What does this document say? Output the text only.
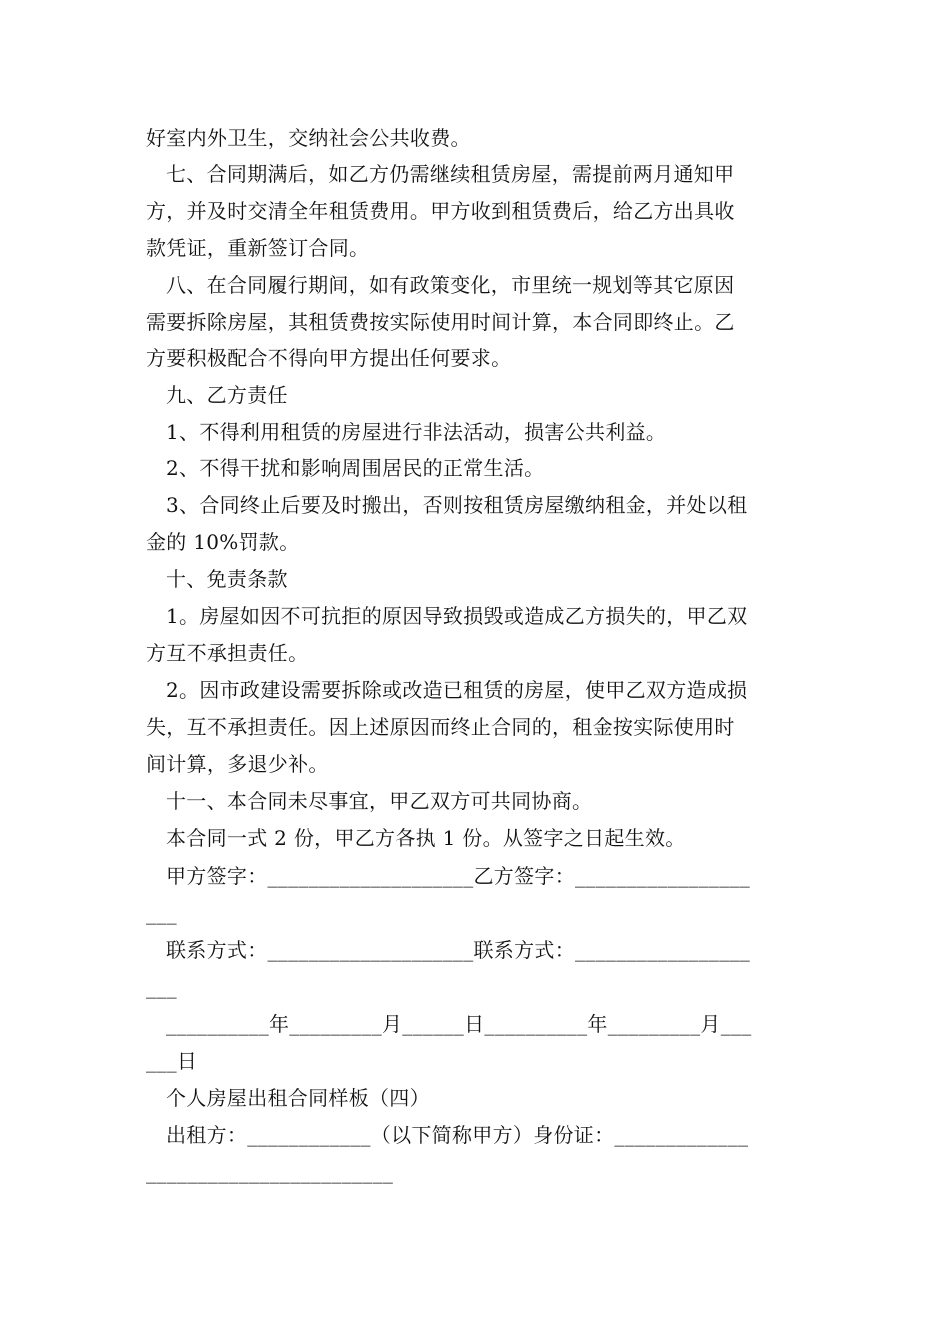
好室内外卫生，交纳社会公共收费。
七、合同期满后，如乙方仍需继续租赁房屋，需提前两月通知甲
方，并及时交清全年租赁费用。甲方收到租赁费后，给乙方出具收
款凭证，重新签订合同。
八、在合同履行期间，如有政策变化，市里统一规划等其它原因
需要拆除房屋，其租赁费按实际使用时间计算，本合同即终止。乙
方要积极配合不得向甲方提出任何要求。
九、乙方责任
1、不得利用租赁的房屋进行非法活动，损害公共利益。
2、不得干扰和影响周围居民的正常生活。
3、合同终止后要及时搬出，否则按租赁房屋缴纳租金，并处以租
金的 10%罚款。
十、免责条款
1。房屋如因不可抗拒的原因导致损毁或造成乙方损失的，甲乙双
方互不承担责任。
2。因市政建设需要拆除或改造已租赁的房屋，使甲乙双方造成损
失，互不承担责任。因上述原因而终止合同的，租金按实际使用时
间计算，多退少补。
十一、本合同未尽事宜，甲乙双方可共同协商。
本合同一式 2 份，甲乙方各执 1 份。从签字之日起生效。
甲方签字：____________________乙方签字：_________________
___
联系方式：____________________联系方式：_________________
___
__________年_________月______日__________年_________月___
___日
个人房屋出租合同样板（四）
出租方：____________（以下简称甲方）身份证：_____________
________________________
